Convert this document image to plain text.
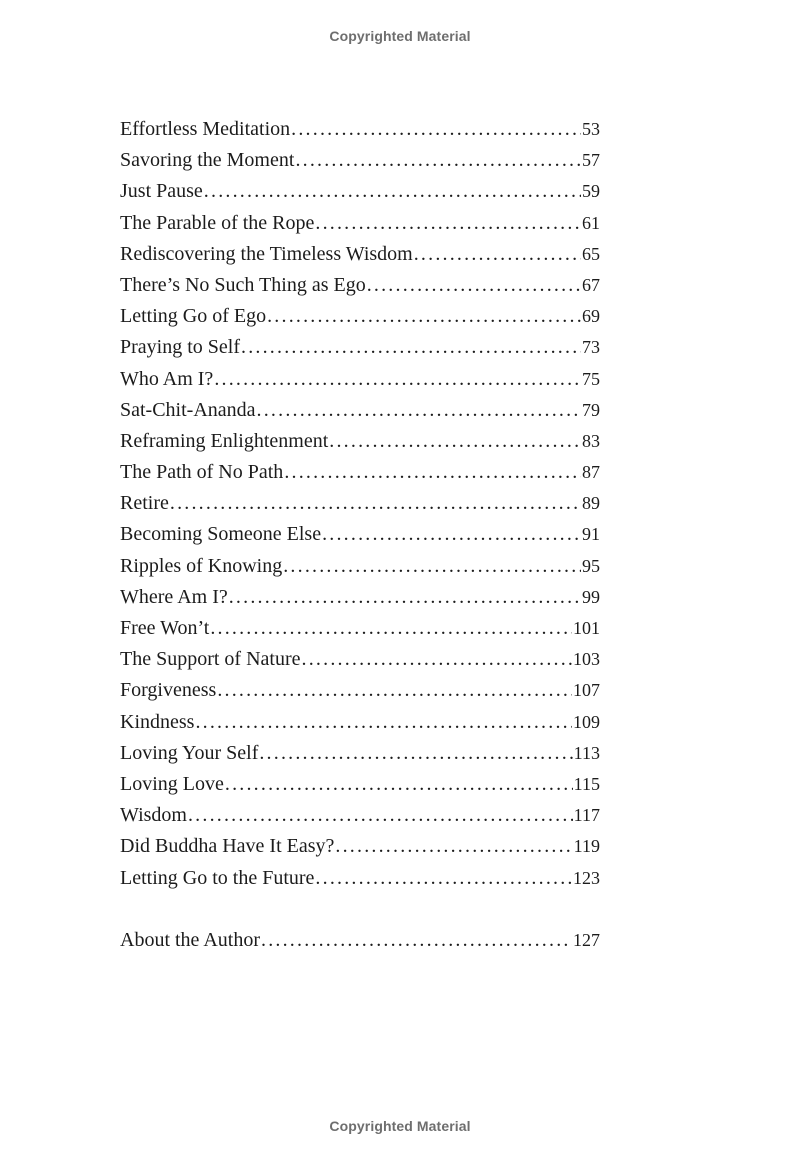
Copyrighted Material
Effortless Meditation .....	53
Savoring the Moment .....	57
Just Pause .....	59
The Parable of the Rope .....	61
Rediscovering the Timeless Wisdom .....	65
There’s No Such Thing as Ego .....	67
Letting Go of Ego .....	69
Praying to Self .....	73
Who Am I? .....	75
Sat-Chit-Ananda .....	79
Reframing Enlightenment .....	83
The Path of No Path .....	87
Retire .....	89
Becoming Someone Else .....	91
Ripples of Knowing .....	95
Where Am I? .....	99
Free Won’t .....	101
The Support of Nature .....	103
Forgiveness .....	107
Kindness .....	109
Loving Your Self .....	113
Loving Love .....	115
Wisdom .....	117
Did Buddha Have It Easy? .....	119
Letting Go to the Future .....	123
About the Author .....	127
Copyrighted Material
